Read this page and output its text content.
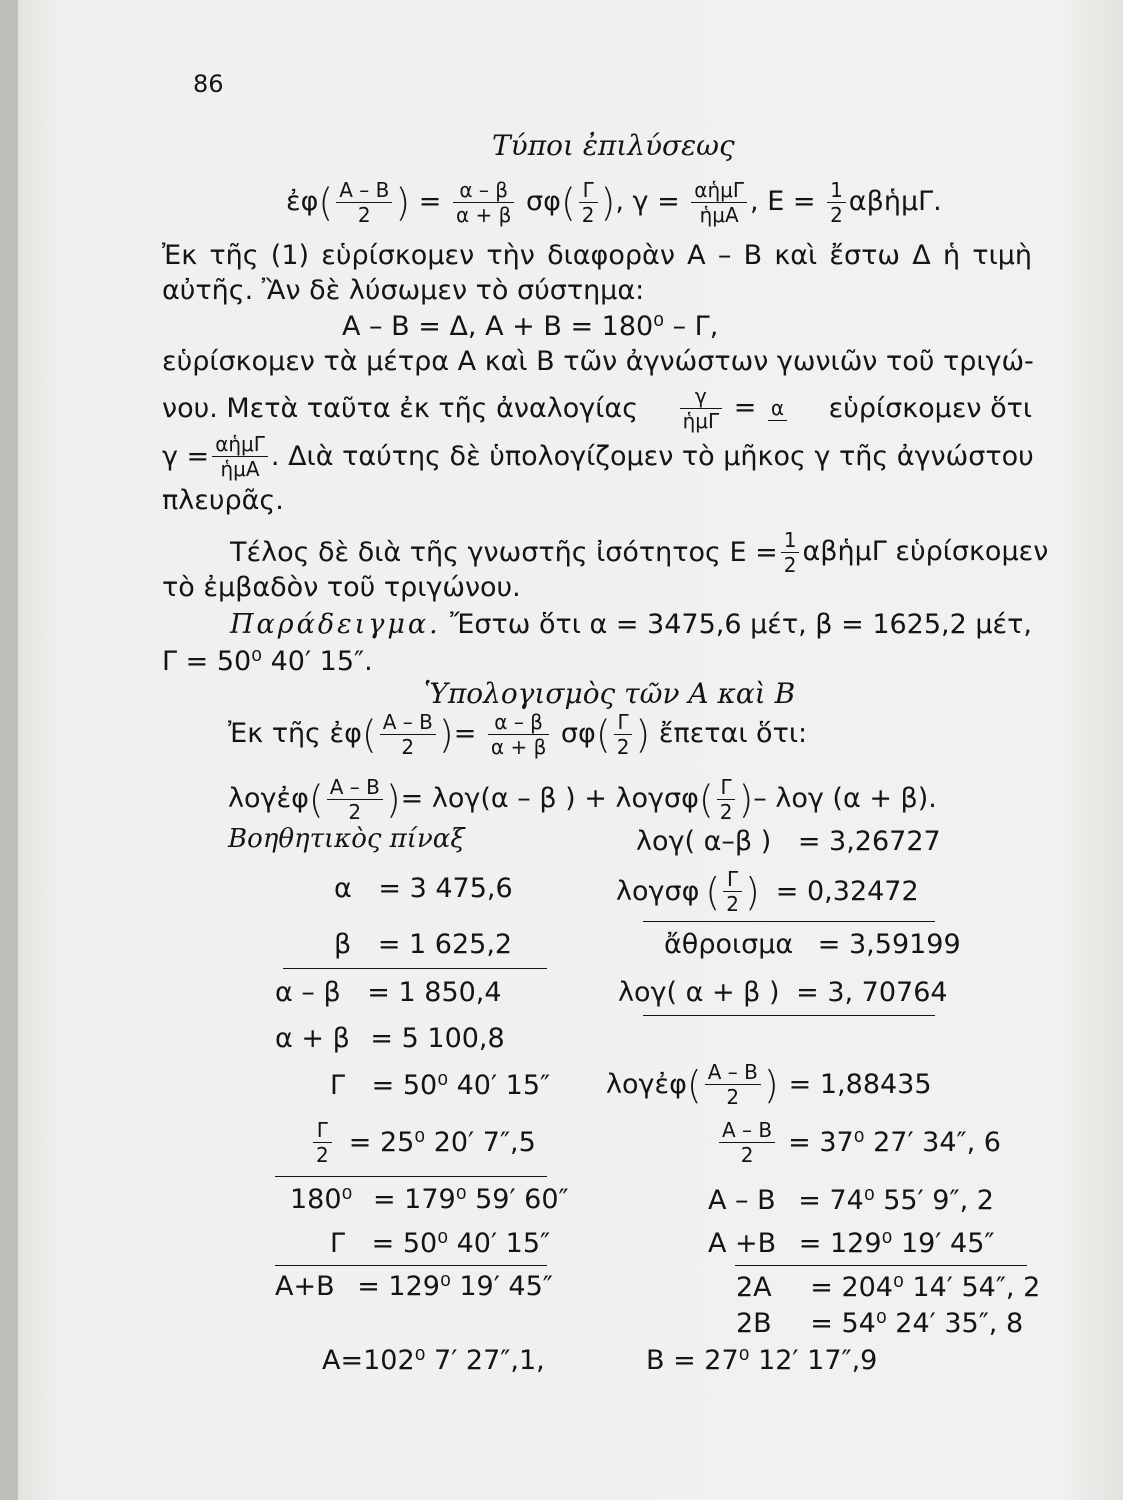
86
Τύποι ἐπιλύσεως
ἐφ( $\frac{A - B}{2}$ ) = $\frac{\alpha - \beta}{\alpha + \beta} \sigma\varphi( \frac{\Gamma}{2}$ ), γ = αἡμΓ
ἡμΑ , $E = \frac{1}{2}$ αβἡμΓ.
Ἐκ τῆς (1) εὑρίσκομεν τὴν διαφορὰν Α – Β καὶ ἔστω Δ ἡ τιμὴ
αὐτῆς. Ἂν δὲ λύσωμεν τὸ σύστημα:
Α – Β = Δ, Α + Β = 180⁰ – Γ,
εὑρίσκομεν τὰ μέτρα Α καὶ Β τῶν ἀγνώστων γωνιῶν τοῦ τριγώ-
νου. Μετὰ ταῦτα ἐκ τῆς ἀναλογίας	γ
ἡμΓ = α εὑρίσκομεν ὅτι
γ = αἡμΓ
ἡμΑ . Διὰ ταύτης δὲ ὑπολογίζομεν τὸ μῆκος γ τῆς ἀγνώστου
πλευρᾶς.
Τέλος δὲ διὰ τῆς γνωστῆς ἰσότητος $E = \frac{1}{2}$ αβἡμΓ εὑρίσκομεν
τὸ ἐμβαδὸν τοῦ τριγώνου.
Παράδειγμα. Ἔστω ὅτι α = 3475,6 μέτ, β = 1625,2 μέτ,
Γ = 50⁰ 40′ 15″.
Ὑπολογισμὸς τῶν Α καὶ Β
Ἐκ τῆς ἐφ( $\frac{A - B}{2}$ )= $\frac{\alpha - \beta}{\alpha + \beta} \sigma\varphi( \frac{\Gamma}{2}$ ) ἔπεται ὅτι:
λογἐφ( $\frac{A - B}{2}$ )= λογ(α – β ) + $\lambda o\gamma\sigma\varphi( \frac{\Gamma}{2}$ )– λογ (α + β).
Βοηθητικὸς πίναξ
α = 3 475,6
β = 1 625,2
α – β = 1 850,4
α + β = 5 100,8
Γ = 50⁰ 40′ 15″
$\frac{\Gamma}{2} = 25^0$ 20′ 7″,5
180⁰ = 179⁰ 59′ 60″
Γ = 50⁰ 40′ 15″
Α+Β = 129⁰ 19′ 45″
λογ( α–β ) = 3,26727
λογσφ ( Γ
2 ) = 0,32472
ἄθροισμα = 3,59199
λογ( α + β ) = 3, 70764
λογἐφ ( A – B
2 ) = 1,88435
$\frac{A - B}{2} = 37^0$ 27′ 34″, 6
Α – Β = 74⁰ 55′ 9″, 2
Α +Β = 129⁰ 19′ 45″
2Α = 204⁰ 14′ 54″, 2
2Β = 54⁰ 24′ 35″, 8
Α=102⁰ 7′ 27″,1,	Β = 27⁰ 12′ 17″,9
